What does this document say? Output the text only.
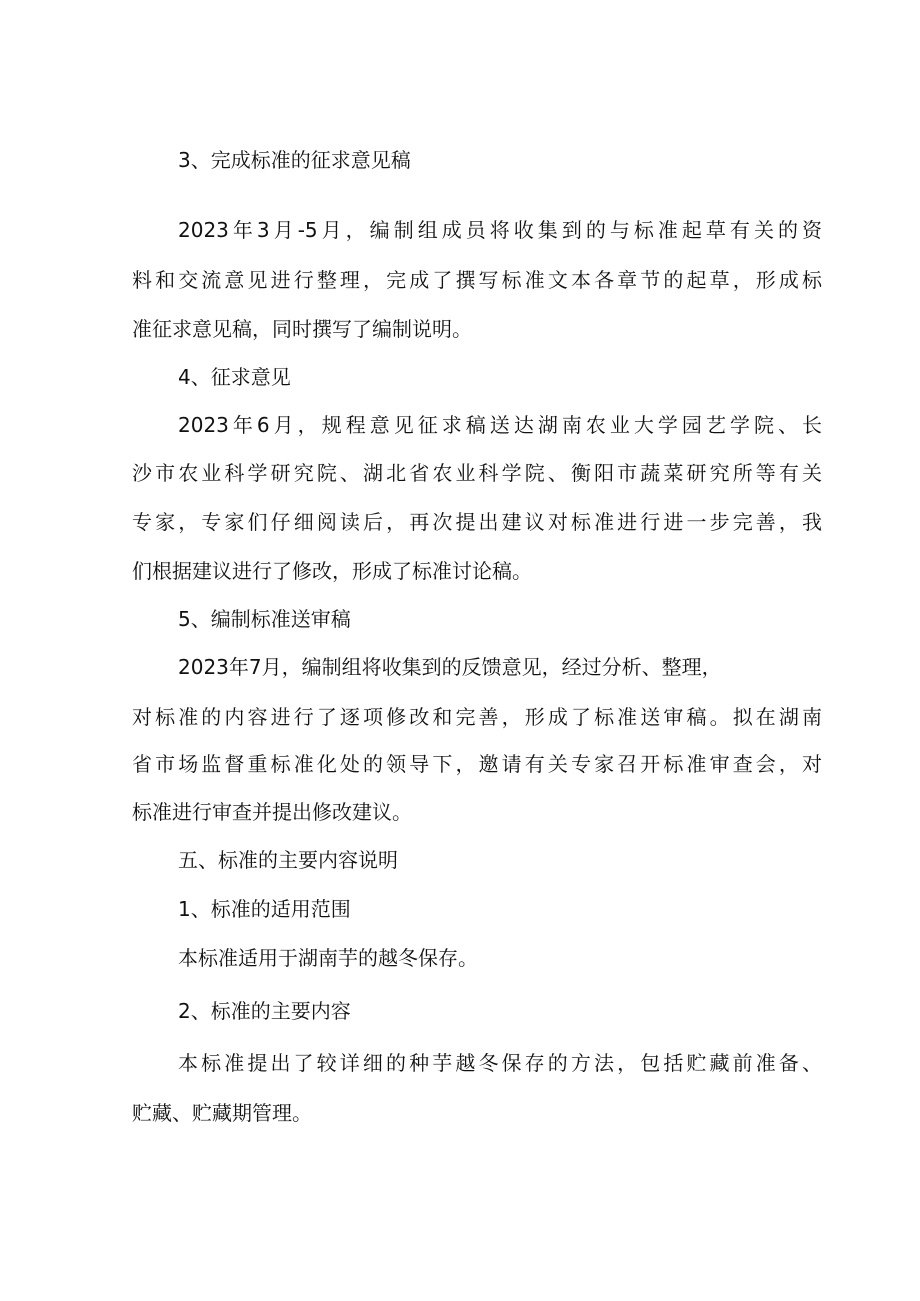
3、完成标准的征求意见稿
2023年3月-5月，编制组成员将收集到的与标准起草有关的资
料和交流意见进行整理，完成了撰写标准文本各章节的起草，形成标
准征求意见稿，同时撰写了编制说明。
4、征求意见
2023年6月，规程意见征求稿送达湖南农业大学园艺学院、长
沙市农业科学研究院、湖北省农业科学院、衡阳市蔬菜研究所等有关
专家，专家们仔细阅读后，再次提出建议对标准进行进一步完善，我
们根据建议进行了修改，形成了标准讨论稿。
5、编制标准送审稿
2023年7月，编制组将收集到的反馈意见，经过分析、整理，
对标准的内容进行了逐项修改和完善，形成了标准送审稿。拟在湖南
省市场监督重标准化处的领导下，邀请有关专家召开标准审查会，对
标准进行审查并提出修改建议。
五、标准的主要内容说明
1、标准的适用范围
本标准适用于湖南芋的越冬保存。
2、标准的主要内容
本标准提出了较详细的种芋越冬保存的方法，包括贮藏前准备、
贮藏、贮藏期管理。
